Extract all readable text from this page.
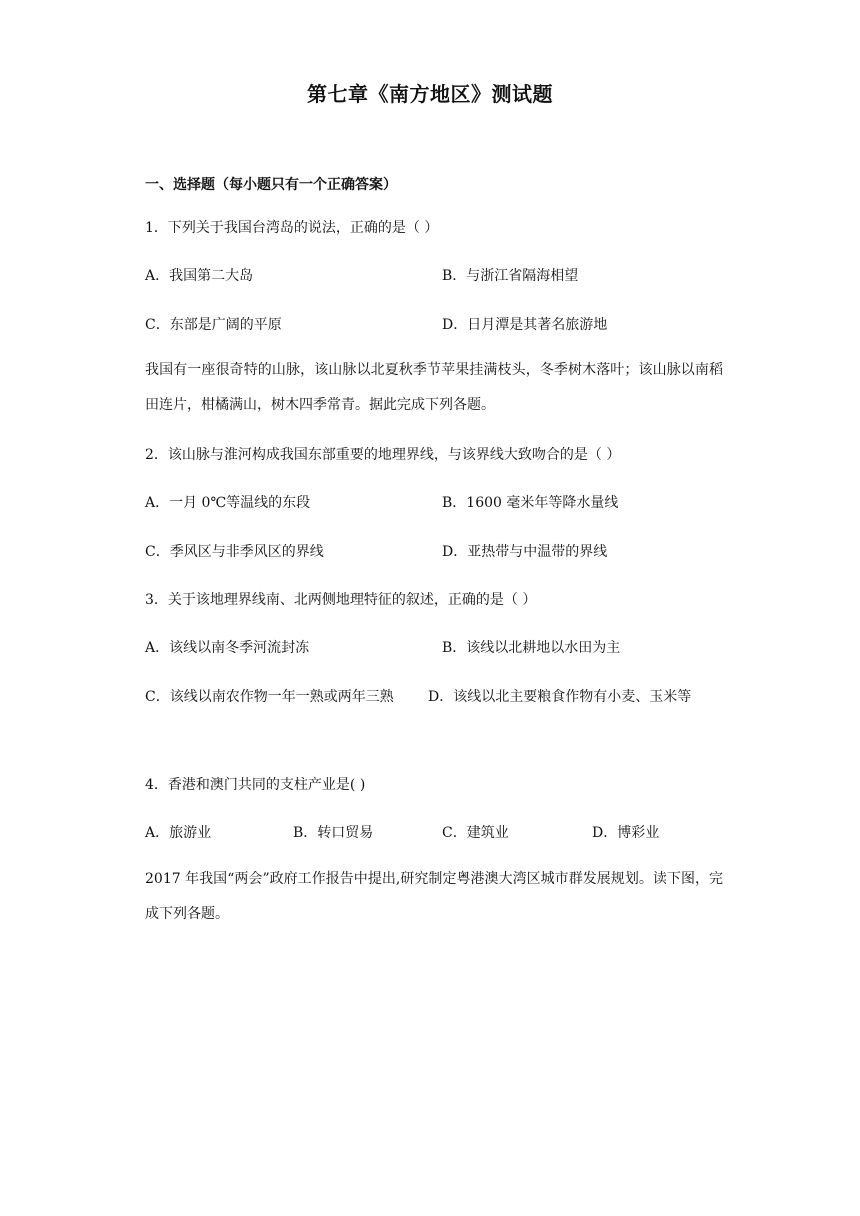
第七章《南方地区》测试题
一、选择题（每小题只有一个正确答案）
1．下列关于我国台湾岛的说法，正确的是（ ）
A．我国第二大岛	B．与浙江省隔海相望
C．东部是广阔的平原	D．日月潭是其著名旅游地
我国有一座很奇特的山脉，该山脉以北夏秋季节苹果挂满枝头，冬季树木落叶；该山脉以南稻田连片，柑橘满山，树木四季常青。据此完成下列各题。
2．该山脉与淮河构成我国东部重要的地理界线，与该界线大致吻合的是（ ）
A．一月 0℃等温线的东段	B．1600 毫米年等降水量线
C．季风区与非季风区的界线	D．亚热带与中温带的界线
3．关于该地理界线南、北两侧地理特征的叙述，正确的是（ ）
A．该线以南冬季河流封冻	B．该线以北耕地以水田为主
C．该线以南农作物一年一熟或两年三熟 D．该线以北主要粮食作物有小麦、玉米等
4．香港和澳门共同的支柱产业是( )
A．旅游业	B．转口贸易	C．建筑业	D．博彩业
2017 年我国“两会”政府工作报告中提出,研究制定粤港澳大湾区城市群发展规划。读下图，完成下列各题。
